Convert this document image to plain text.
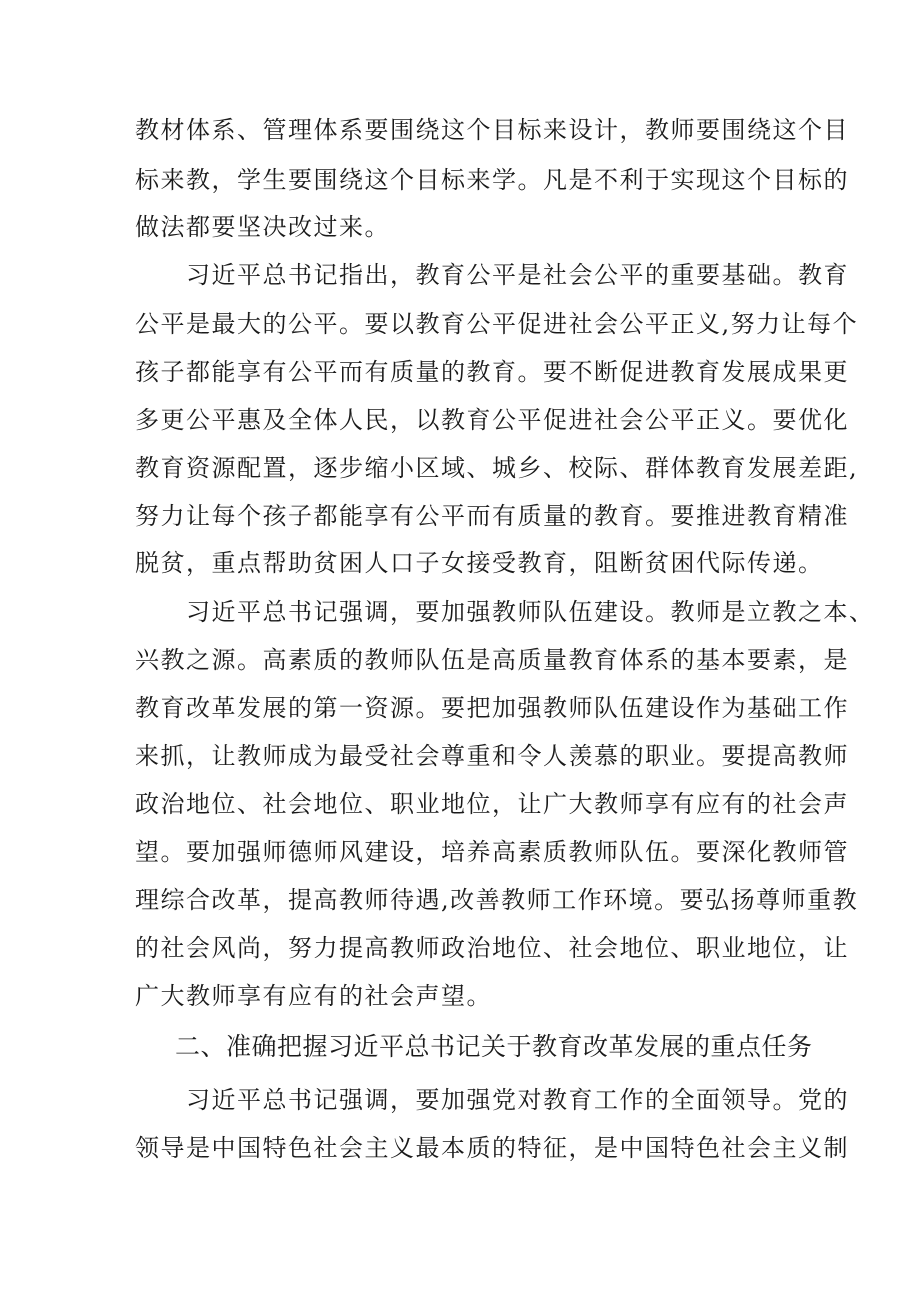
教材体系、管理体系要围绕这个目标来设计，教师要围绕这个目
标来教，学生要围绕这个目标来学。凡是不利于实现这个目标的
做法都要坚决改过来。
习近平总书记指出，教育公平是社会公平的重要基础。教育
公平是最大的公平。要以教育公平促进社会公平正义,努力让每个
孩子都能享有公平而有质量的教育。要不断促进教育发展成果更
多更公平惠及全体人民，以教育公平促进社会公平正义。要优化
教育资源配置，逐步缩小区域、城乡、校际、群体教育发展差距,
努力让每个孩子都能享有公平而有质量的教育。要推进教育精准
脱贫，重点帮助贫困人口子女接受教育，阻断贫困代际传递。
习近平总书记强调，要加强教师队伍建设。教师是立教之本、
兴教之源。高素质的教师队伍是高质量教育体系的基本要素，是
教育改革发展的第一资源。要把加强教师队伍建设作为基础工作
来抓，让教师成为最受社会尊重和令人羡慕的职业。要提高教师
政治地位、社会地位、职业地位，让广大教师享有应有的社会声
望。要加强师德师风建设，培养高素质教师队伍。要深化教师管
理综合改革，提高教师待遇,改善教师工作环境。要弘扬尊师重教
的社会风尚，努力提高教师政治地位、社会地位、职业地位，让
广大教师享有应有的社会声望。
二、准确把握习近平总书记关于教育改革发展的重点任务
习近平总书记强调，要加强党对教育工作的全面领导。党的
领导是中国特色社会主义最本质的特征，是中国特色社会主义制
